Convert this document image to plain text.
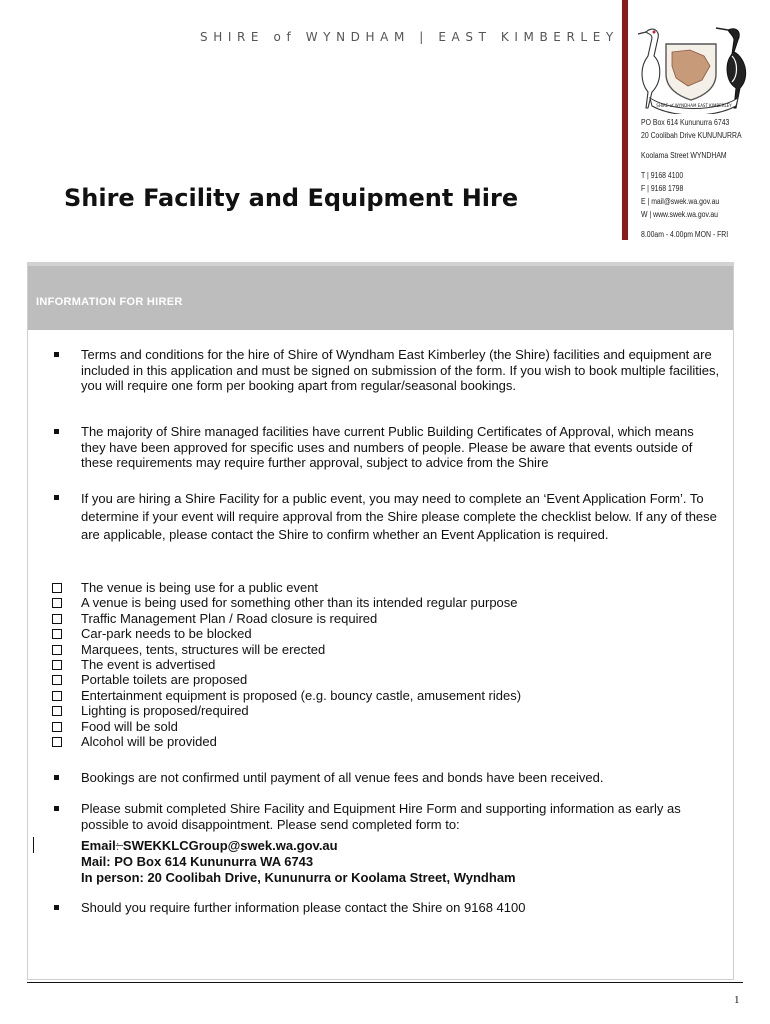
SHIRE of WYNDHAM | EAST KIMBERLEY
SHIRE of WYNDHAM EAST KIMBERLEY
PO Box 614 Kununurra 6743
20 Coolibah Drive KUNUNURRA
Koolama Street WYNDHAM
T | 9168 4100
F | 9168 1798
E | mail@swek.wa.gov.au
W | www.swek.wa.gov.au
8.00am - 4.00pm MON - FRI
Shire Facility and Equipment Hire
INFORMATION FOR HIRER
Terms and conditions for the hire of Shire of Wyndham East Kimberley (the Shire) facilities and equipment are included in this application and must be signed on submission of the form. If you wish to book multiple facilities, you will require one form per booking apart from regular/seasonal bookings.
The majority of Shire managed facilities have current Public Building Certificates of Approval, which means they have been approved for specific uses and numbers of people. Please be aware that events outside of these requirements may require further approval, subject to advice from the Shire
If you are hiring a Shire Facility for a public event, you may need to complete an ‘Event Application Form’. To determine if your event will require approval from the Shire please complete the checklist below. If any of these are applicable, please contact the Shire to confirm whether an Event Application is required.
The venue is being use for a public event
A venue is being used for something other than its intended regular purpose
Traffic Management Plan / Road closure is required
Car-park needs to be blocked
Marquees, tents, structures will be erected
The event is advertised
Portable toilets are proposed
Entertainment equipment is proposed (e.g. bouncy castle, amusement rides)
Lighting is proposed/required
Food will be sold
Alcohol will be provided
Bookings are not confirmed until payment of all venue fees and bonds have been received.
Please submit completed Shire Facility and Equipment Hire Form and supporting information as early as possible to avoid disappointment. Please send completed form to:
Email: SWEKKLCGroup@swek.wa.gov.au
Mail: PO Box 614 Kununurra WA 6743
In person: 20 Coolibah Drive, Kununurra or Koolama Street, Wyndham
Should you require further information please contact the Shire on 9168 4100
1
